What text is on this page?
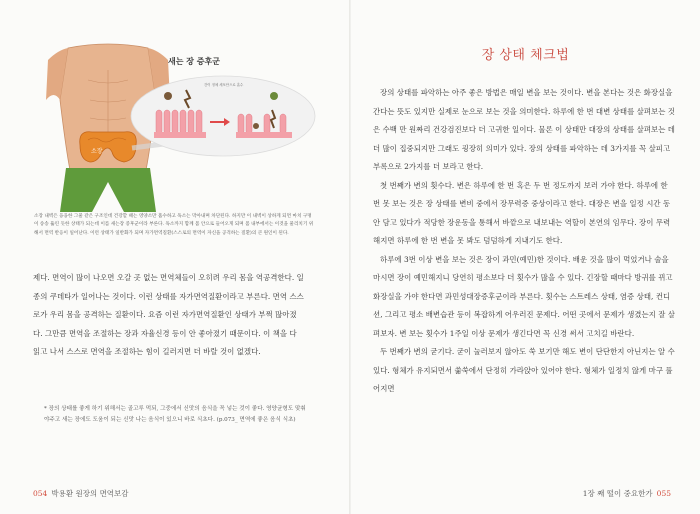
소장
간이 정체 세포안으로 흡수
새는 장 증후군
소장 내벽은 융융한 그물 같은 구조인데 건강할 때는 영양소만 흡수하고 독소는 막아내며 차단된다. 하지만 이 내벽이 상하게 되면 마치 구멍이 송송 뚫린 듯한 상태가 되는데 이를 새는장 증후군이라 부른다. 독소까지 함께 몸 안으로 들어오게 되며 몸 내부에서는 이것을 물리치기 위해서 면역 반응이 일어난다. 이런 상태가 일반화가 되며 자가면역질환(스스로의 면역이 자신을 공격하는 질환)의 큰 원인이 된다.

제다. 면역이 많이 나오면 오갈 곳 없는 면역체들이 오히려 우리 몸을 역공격한다. 일종의 쿠데타가 일어나는 것이다. 이런 상태를 자가면역질환이라고 부른다. 면역 스스로가 우리 몸을 공격하는 질환이다. 요즘 이런 자가면역질환인 상태가 부쩍 많아졌다. 그만큼 면역을 조절하는 장과 자율신경 등이 안 좋아졌기 때문이다. 이 책을 다 읽고 나서 스스로 면역을 조절하는 힘이 길러지면 더 바랄 것이 없겠다.

* 장의 상태를 좋게 하기 위해서는 골고루 먹되, 그중에서 신맛의 음식을 꼭 넣는 것이 좋다. 영양균형도 맞춰야주고 새는 장에도 도움이 되는 신맛 나는 음식이 있으니 바로 식초다. (p.073_ 면역에 좋은 음식 식초)
054 박용환 원장의 면역보감
장 상태 체크법

장의 상태를 파악하는 아주 좋은 방법은 매일 변을 보는 것이다. 변을 본다는 것은 화장실을 간다는 뜻도 있지만 실제로 눈으로 보는 것을 의미한다. 하루에 한 번 대변 상태를 살펴보는 것은 수백 만 원짜리 건강검진보다 더 고귀한 일이다. 물론 이 상태만 대장의 상태를 살펴보는 데 더 많이 집중되지만 그래도 굉장히 의미가 있다. 장의 상태를 파악하는 데 3가지를 꼭 살피고 부록으로 2가지를 더 보라고 한다.

첫 번째가 변의 횟수다. 변은 하루에 한 번 혹은 두 번 정도까지 보러 가야 한다. 하루에 한 번 못 보는 것은 장 상태를 변비 중에서 장무력증 중상이라고 한다. 대장은 변을 일정 시간 동안 담고 있다가 적당한 장운동을 통해서 바깥으로 내보내는 역할이 본연의 임무다. 장이 무력해지면 하루에 한 번 변을 못 봐도 덤덤하게 지내기도 한다.

하루에 3번 이상 변을 보는 것은 장이 과민(예민)한 것이다. 배운 것을 많이 먹었거나 술을 마시면 장이 예민해지니 당연히 평소보다 더 횟수가 많을 수 있다. 긴장할 때마다 방귀를 뀌고 화장실을 가야 한다면 과민성대장증후군이라 부른다. 횟수는 스트레스 상태, 염증 상태, 컨디션, 그리고 평소 배변습관 등이 복잡하게 어우러진 문제다. 어떤 곳에서 문제가 생겼는지 잘 살펴보자. 변 보는 횟수가 1주일 이상 문제가 생긴다면 꼭 신경 써서 고치길 바란다.

두 번째가 변의 굳기다. 굳이 눌러보지 않아도 쑥 보기만 해도 변이 단단한지 아닌지는 알 수 있다. 형체가 유지되면서 쑮쑥에서 단정히 가라앉아 있어야 한다. 형체가 일정치 않게 마구 풀어지면

1장 째 떨이 중요한가 055
